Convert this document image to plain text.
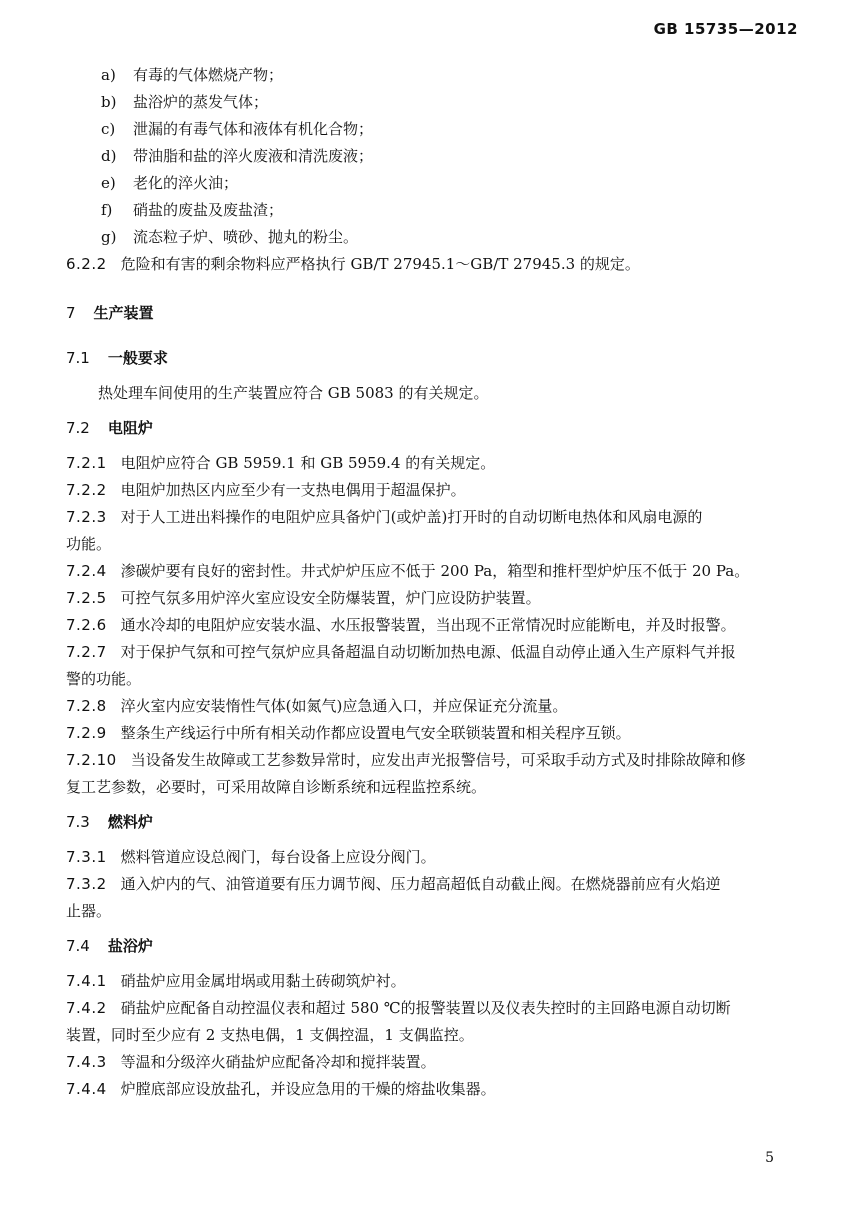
GB 15735—2012
a) 有毒的气体燃烧产物；
b) 盐浴炉的蒸发气体；
c) 泄漏的有毒气体和液体有机化合物；
d) 带油脂和盐的淬火废液和清洗废液；
e) 老化的淬火油；
f) 硝盐的废盐及废盐渣；
g) 流态粒子炉、喷砂、抛丸的粉尘。
6.2.2 危险和有害的剩余物料应严格执行 GB/T 27945.1～GB/T 27945.3 的规定。
7 生产装置
7.1 一般要求
热处理车间使用的生产装置应符合 GB 5083 的有关规定。
7.2 电阻炉
7.2.1 电阻炉应符合 GB 5959.1 和 GB 5959.4 的有关规定。
7.2.2 电阻炉加热区内应至少有一支热电偶用于超温保护。
7.2.3 对于人工进出料操作的电阻炉应具备炉门(或炉盖)打开时的自动切断电热体和风扇电源的
功能。
7.2.4 渗碳炉要有良好的密封性。井式炉炉压应不低于 200 Pa，箱型和推杆型炉炉压不低于 20 Pa。
7.2.5 可控气氛多用炉淬火室应设安全防爆装置，炉门应设防护装置。
7.2.6 通水冷却的电阻炉应安装水温、水压报警装置，当出现不正常情况时应能断电，并及时报警。
7.2.7 对于保护气氛和可控气氛炉应具备超温自动切断加热电源、低温自动停止通入生产原料气并报
警的功能。
7.2.8 淬火室内应安装惰性气体(如氮气)应急通入口，并应保证充分流量。
7.2.9 整条生产线运行中所有相关动作都应设置电气安全联锁装置和相关程序互锁。
7.2.10 当设备发生故障或工艺参数异常时，应发出声光报警信号，可采取手动方式及时排除故障和修
复工艺参数，必要时，可采用故障自诊断系统和远程监控系统。
7.3 燃料炉
7.3.1 燃料管道应设总阀门，每台设备上应设分阀门。
7.3.2 通入炉内的气、油管道要有压力调节阀、压力超高超低自动截止阀。在燃烧器前应有火焰逆
止器。
7.4 盐浴炉
7.4.1 硝盐炉应用金属坩埚或用黏土砖砌筑炉衬。
7.4.2 硝盐炉应配备自动控温仪表和超过 580 ℃的报警装置以及仪表失控时的主回路电源自动切断
装置，同时至少应有 2 支热电偶，1 支偶控温，1 支偶监控。
7.4.3 等温和分级淬火硝盐炉应配备冷却和搅拌装置。
7.4.4 炉膛底部应设放盐孔，并设应急用的干燥的熔盐收集器。
5
